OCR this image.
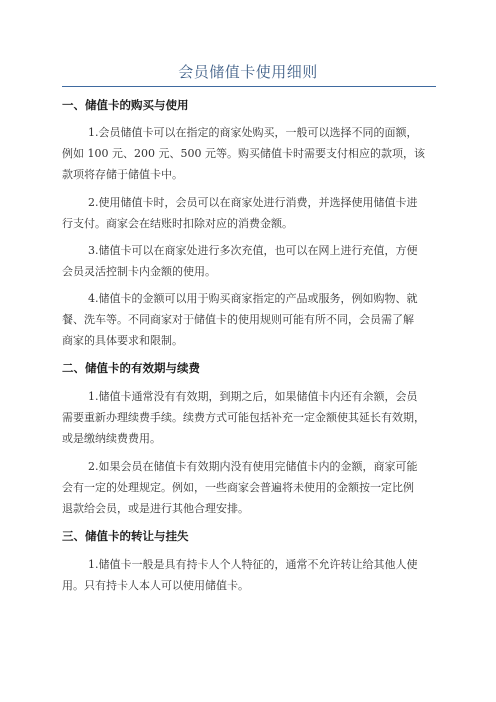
会员储值卡使用细则
一、储值卡的购买与使用
1.会员储值卡可以在指定的商家处购买，一般可以选择不同的面额，
例如 100 元、200 元、500 元等。购买储值卡时需要支付相应的款项，该
款项将存储于储值卡中。
2.使用储值卡时，会员可以在商家处进行消费，并选择使用储值卡进
行支付。商家会在结账时扣除对应的消费金额。
3.储值卡可以在商家处进行多次充值，也可以在网上进行充值，方便
会员灵活控制卡内金额的使用。
4.储值卡的金额可以用于购买商家指定的产品或服务，例如购物、就
餐、洗车等。不同商家对于储值卡的使用规则可能有所不同，会员需了解
商家的具体要求和限制。
二、储值卡的有效期与续费
1.储值卡通常没有有效期，到期之后，如果储值卡内还有余额，会员
需要重新办理续费手续。续费方式可能包括补充一定金额使其延长有效期，
或是缴纳续费费用。
2.如果会员在储值卡有效期内没有使用完储值卡内的金额，商家可能
会有一定的处理规定。例如，一些商家会普遍将未使用的金额按一定比例
退款给会员，或是进行其他合理安排。
三、储值卡的转让与挂失
1.储值卡一般是具有持卡人个人特征的，通常不允许转让给其他人使
用。只有持卡人本人可以使用储值卡。
